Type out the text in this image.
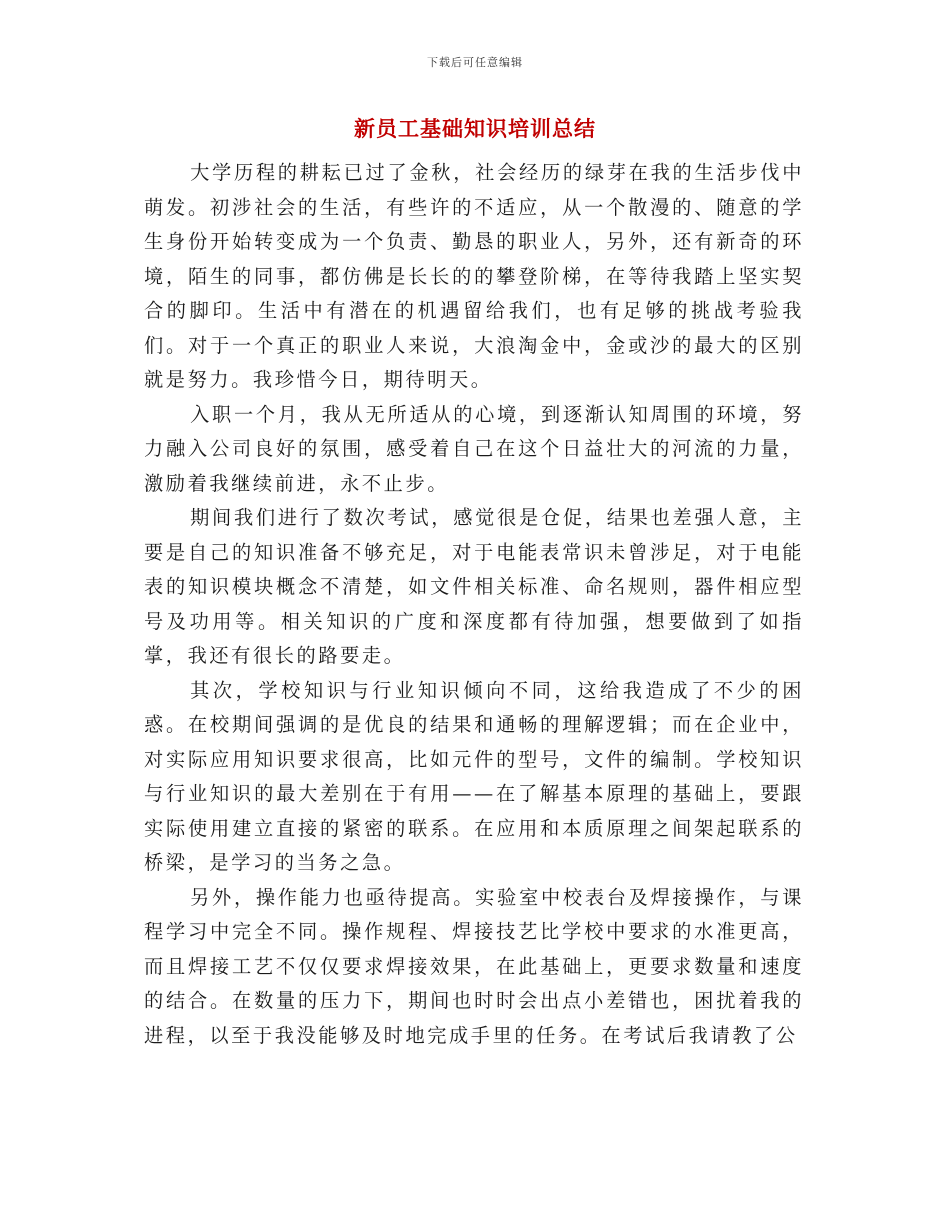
下载后可任意编辑
新员工基础知识培训总结

大学历程的耕耘已过了金秋，社会经历的绿芽在我的生活步伐中萌发。初涉社会的生活，有些许的不适应，从一个散漫的、随意的学生身份开始转变成为一个负责、勤恳的职业人，另外，还有新奇的环境，陌生的同事，都仿佛是长长的的攀登阶梯，在等待我踏上坚实契合的脚印。生活中有潜在的机遇留给我们，也有足够的挑战考验我们。对于一个真正的职业人来说，大浪淘金中，金或沙的最大的区别就是努力。我珍惜今日，期待明天。

入职一个月，我从无所适从的心境，到逐渐认知周围的环境，努力融入公司良好的氛围，感受着自己在这个日益壮大的河流的力量，激励着我继续前进，永不止步。

期间我们进行了数次考试，感觉很是仓促，结果也差强人意，主要是自己的知识准备不够充足，对于电能表常识未曾涉足，对于电能表的知识模块概念不清楚，如文件相关标准、命名规则，器件相应型号及功用等。相关知识的广度和深度都有待加强，想要做到了如指掌，我还有很长的路要走。

其次，学校知识与行业知识倾向不同，这给我造成了不少的困惑。在校期间强调的是优良的结果和通畅的理解逻辑；而在企业中，对实际应用知识要求很高，比如元件的型号，文件的编制。学校知识与行业知识的最大差别在于有用——在了解基本原理的基础上，要跟实际使用建立直接的紧密的联系。在应用和本质原理之间架起联系的桥梁，是学习的当务之急。

另外，操作能力也亟待提高。实验室中校表台及焊接操作，与课程学习中完全不同。操作规程、焊接技艺比学校中要求的水准更高，而且焊接工艺不仅仅要求焊接效果，在此基础上，更要求数量和速度的结合。在数量的压力下，期间也时时会出点小差错也，困扰着我的进程，以至于我没能够及时地完成手里的任务。在考试后我请教了公
